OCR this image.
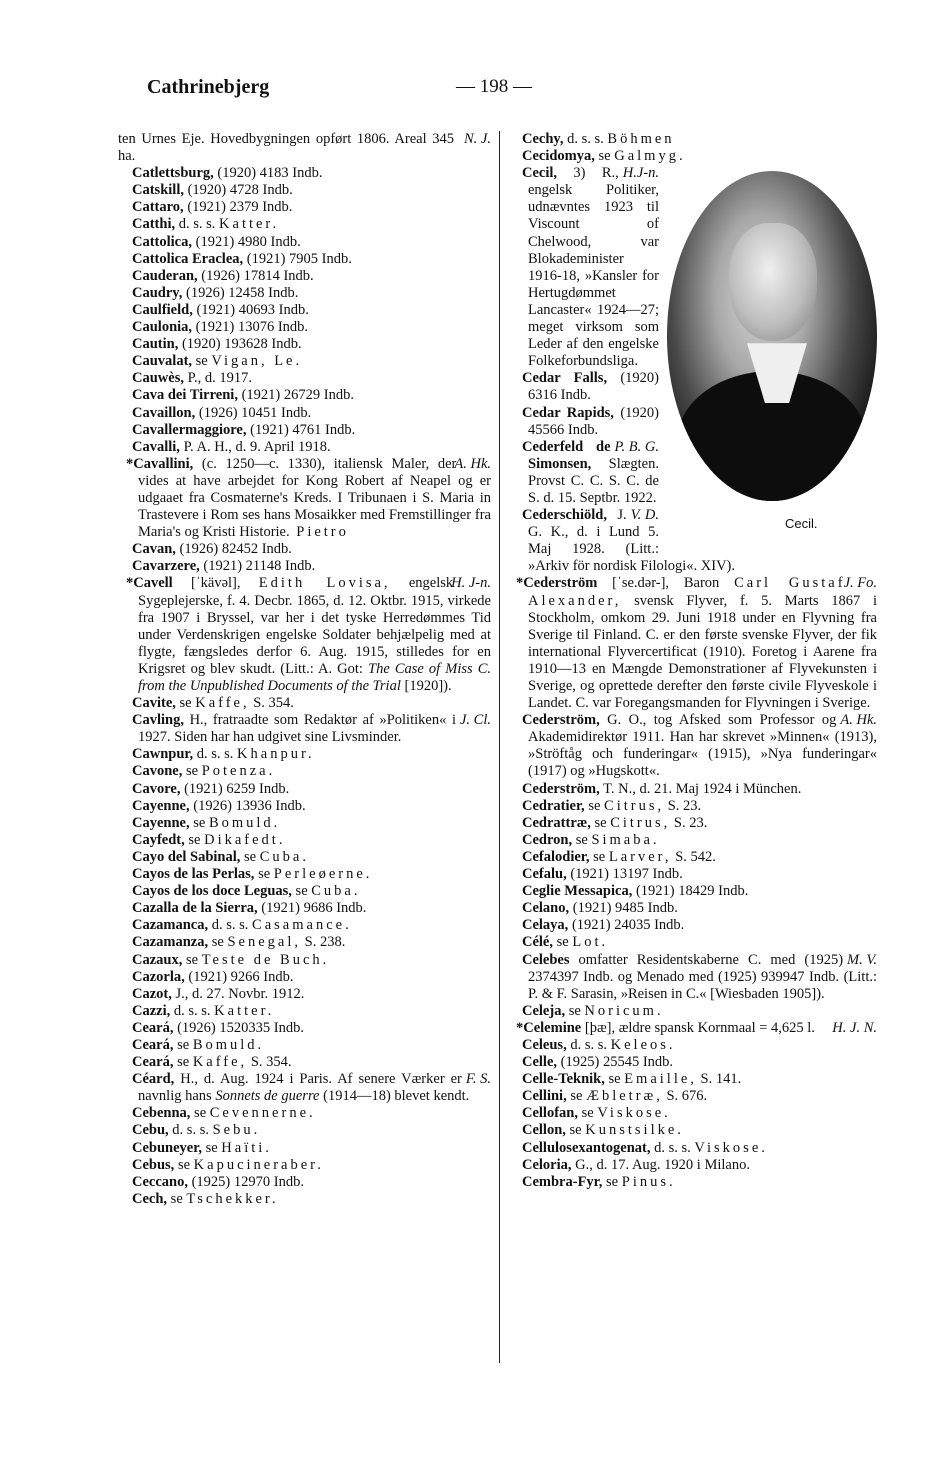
Cathrinebjerg	— 198 —

N. J.
ten Urnes Eje. Hovedbygningen opført 1806. Areal 345 ha.

Catlettsburg, (1920) 4183 Indb.

Catskill, (1920) 4728 Indb.

Cattaro, (1921) 2379 Indb.

Catthi, d. s. s. Katter.

Cattolica, (1921) 4980 Indb.

Cattolica Eraclea, (1921) 7905 Indb.

Cauderan, (1926) 17814 Indb.

Caudry, (1926) 12458 Indb.

Caulfield, (1921) 40693 Indb.

Caulonia, (1921) 13076 Indb.

Cautin, (1920) 193628 Indb.

Cauvalat, se Vigan, Le.

Cauwès, P., d. 1917.

Cava dei Tirreni, (1921) 26729 Indb.

Cavaillon, (1926) 10451 Indb.

Cavallermaggiore, (1921) 4761 Indb.

Cavalli, P. A. H., d. 9. April 1918.

A. Hk.
*Cavallini, (c. 1250—c. 1330), italiensk Maler, der vides at have arbejdet for Kong Robert af Neapel og er udgaaet fra Cosmaterne's Kreds. I Tribunaen i S. Maria in Trastevere i Rom ses hans Mosaikker med Fremstillinger fra Maria's og Kristi Historie. Pietro

Cavan, (1926) 82452 Indb.

Cavarzere, (1921) 21148 Indb.

H. J-n.
*Cavell [ˈkävəl], Edith Lovisa, engelsk Sygeplejerske, f. 4. Decbr. 1865, d. 12. Oktbr. 1915, virkede fra 1907 i Bryssel, var her i det tyske Herredømmes Tid under Verdenskrigen engelske Soldater behjælpelig med at flygte, fængsledes derfor 6. Aug. 1915, stilledes for en Krigsret og blev skudt. (Litt.: A. Got: The Case of Miss C. from the Unpublished Documents of the Trial [1920]).

Cavite, se Kaffe, S. 354.

J. Cl.
Cavling, H., fratraadte som Redaktør af »Politiken« i 1927. Siden har han udgivet sine Livsminder.

Cawnpur, d. s. s. Khanpur.

Cavone, se Potenza.

Cavore, (1921) 6259 Indb.

Cayenne, (1926) 13936 Indb.

Cayenne, se Bomuld.

Cayfedt, se Dikafedt.

Cayo del Sabinal, se Cuba.

Cayos de las Perlas, se Perleøerne.

Cayos de los doce Leguas, se Cuba.

Cazalla de la Sierra, (1921) 9686 Indb.

Cazamanca, d. s. s. Casamance.

Cazamanza, se Senegal, S. 238.

Cazaux, se Teste de Buch.

Cazorla, (1921) 9266 Indb.

Cazot, J., d. 27. Novbr. 1912.

Cazzi, d. s. s. Katter.

Ceará, (1926) 1520335 Indb.

Ceará, se Bomuld.

Ceará, se Kaffe, S. 354.

F. S.
Céard, H., d. Aug. 1924 i Paris. Af senere Værker er navnlig hans Sonnets de guerre (1914—18) blevet kendt.

Cebenna, se Cevennerne.

Cebu, d. s. s. Sebu.

Cebuneyer, se Haïti.

Cebus, se Kapucineraber.

Ceccano, (1925) 12970 Indb.

Cech, se Tschekker.

Cechy, d. s. s. Böhmen

Cecidomya, se Galmyg.

Cecil.

H.J-n.
Cecil, 3) R., engelsk Politiker, udnævntes 1923 til Viscount of Chelwood, var Blokademinister 1916-18, »Kansler for Hertugdømmet Lancaster« 1924—27; meget virksom som Leder af den engelske Folkeforbundsliga.

Cedar Falls, (1920) 6316 Indb.

Cedar Rapids, (1920) 45566 Indb.

P. B. G.
Cederfeld de Simonsen, Slægten. Provst C. C. S. C. de S. d. 15. Septbr. 1922.

V. D.
Cederschiöld, J. G. K., d. i Lund 5. Maj 1928. (Litt.: »Arkiv för nordisk Filologi«. XIV).

J. Fo.
*Cederström [ˈse.dər-], Baron Carl Gustaf Alexander, svensk Flyver, f. 5. Marts 1867 i Stockholm, omkom 29. Juni 1918 under en Flyvning fra Sverige til Finland. C. er den første svenske Flyver, der fik international Flyvercertificat (1910). Foretog i Aarene fra 1910—13 en Mængde Demonstrationer af Flyvekunsten i Sverige, og oprettede derefter den første civile Flyveskole i Landet. C. var Foregangsmanden for Flyvningen i Sverige.

A. Hk.
Cederström, G. O., tog Afsked som Professor og Akademidirektør 1911. Han har skrevet »Minnen« (1913), »Ströftåg och funderingar« (1915), »Nya funderingar« (1917) og »Hugskott«.

Cederström, T. N., d. 21. Maj 1924 i München.

Cedratier, se Citrus, S. 23.

Cedrattræ, se Citrus, S. 23.

Cedron, se Simaba.

Cefalodier, se Larver, S. 542.

Cefalu, (1921) 13197 Indb.

Ceglie Messapica, (1921) 18429 Indb.

Celano, (1921) 9485 Indb.

Celaya, (1921) 24035 Indb.

Célé, se Lot.

M. V.
Celebes omfatter Residentskaberne C. med (1925) 2374397 Indb. og Menado med (1925) 939947 Indb. (Litt.: P. & F. Sarasin, »Reisen in C.« [Wiesbaden 1905]).

Celeja, se Noricum.

H. J. N.
*Celemine [þæ], ældre spansk Kornmaal = 4,625 l.

Celeus, d. s. s. Keleos.

Celle, (1925) 25545 Indb.

Celle-Teknik, se Emaille, S. 141.

Cellini, se Æbletræ, S. 676.

Cellofan, se Viskose.

Cellon, se Kunstsilke.

Cellulosexantogenat, d. s. s. Viskose.

Celoria, G., d. 17. Aug. 1920 i Milano.

Cembra-Fyr, se Pinus.
